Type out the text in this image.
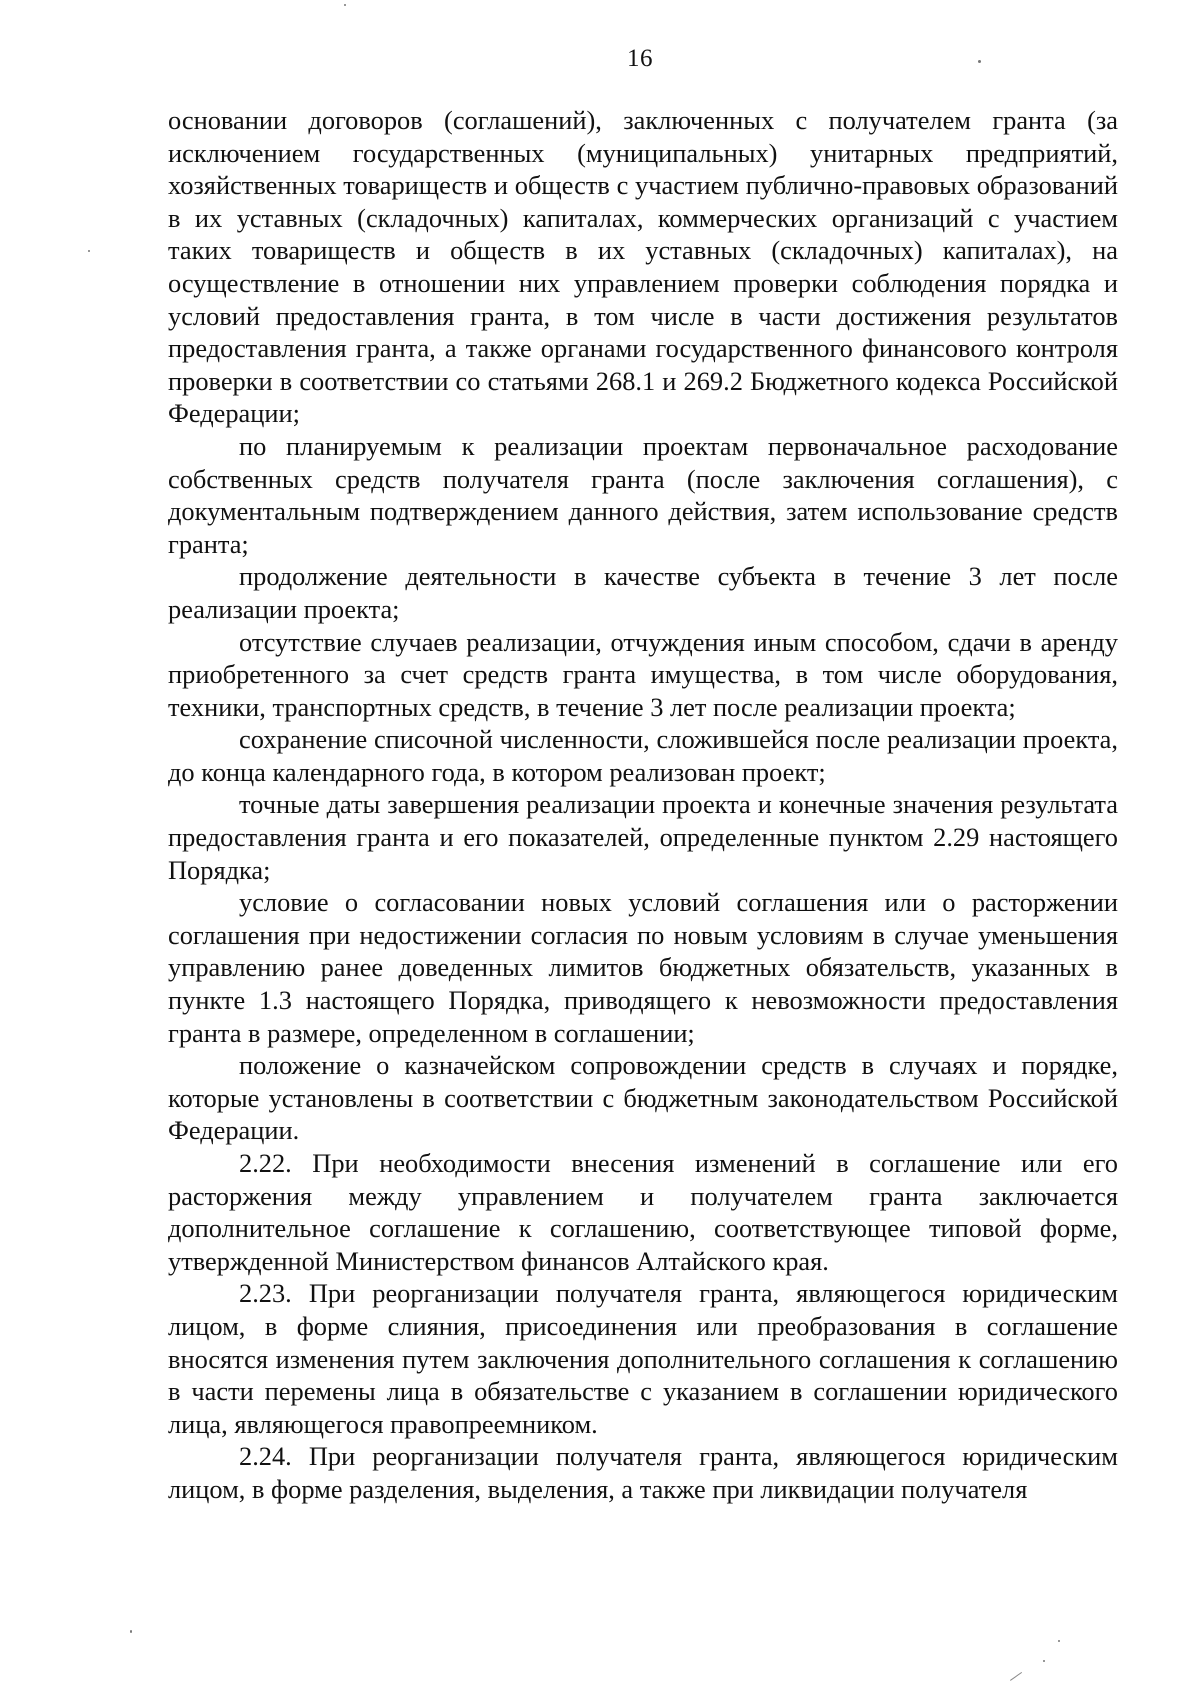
16

основании договоров (соглашений), заключенных с получателем гранта (за исключением государственных (муниципальных) унитарных предприятий, хозяйственных товариществ и обществ с участием публично-правовых образований в их уставных (складочных) капиталах, коммерческих организаций с участием таких товариществ и обществ в их уставных (складочных) капиталах), на осуществление в отношении них управлением проверки соблюдения порядка и условий предоставления гранта, в том числе в части достижения результатов предоставления гранта, а также органами государственного финансового контроля проверки в соответствии со статьями 268.1 и 269.2 Бюджетного кодекса Российской Федерации;

по планируемым к реализации проектам первоначальное расходование собственных средств получателя гранта (после заключения соглашения), с документальным подтверждением данного действия, затем использование средств гранта;

продолжение деятельности в качестве субъекта в течение 3 лет после реализации проекта;

отсутствие случаев реализации, отчуждения иным способом, сдачи в аренду приобретенного за счет средств гранта имущества, в том числе оборудования, техники, транспортных средств, в течение 3 лет после реализации проекта;

сохранение списочной численности, сложившейся после реализации проекта, до конца календарного года, в котором реализован проект;

точные даты завершения реализации проекта и конечные значения результата предоставления гранта и его показателей, определенные пунктом 2.29 настоящего Порядка;

условие о согласовании новых условий соглашения или о расторжении соглашения при недостижении согласия по новым условиям в случае уменьшения управлению ранее доведенных лимитов бюджетных обязательств, указанных в пункте 1.3 настоящего Порядка, приводящего к невозможности предоставления гранта в размере, определенном в соглашении;

положение о казначейском сопровождении средств в случаях и порядке, которые установлены в соответствии с бюджетным законодательством Российской Федерации.

2.22. При необходимости внесения изменений в соглашение или его расторжения между управлением и получателем гранта заключается дополнительное соглашение к соглашению, соответствующее типовой форме, утвержденной Министерством финансов Алтайского края.

2.23. При реорганизации получателя гранта, являющегося юридическим лицом, в форме слияния, присоединения или преобразования в соглашение вносятся изменения путем заключения дополнительного соглашения к соглашению в части перемены лица в обязательстве с указанием в соглашении юридического лица, являющегося правопреемником.

2.24. При реорганизации получателя гранта, являющегося юридическим лицом, в форме разделения, выделения, а также при ликвидации получателя
